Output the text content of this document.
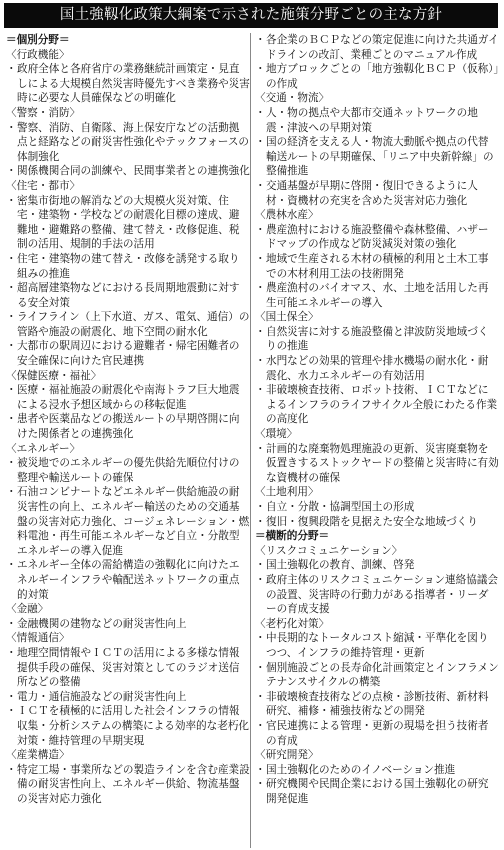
国土強靱化政策大綱案で示された施策分野ごとの主な方針
＝個別分野＝
〈行政機能〉
・ 政府全体と各府省庁の業務継続計画策定・見直しによる大規模自然災害時優先すべき業務や災害時に必要な人員確保などの明確化
〈警察・消防〉
・ 警察、消防、自衛隊、海上保安庁などの活動拠点と経路などの耐災害性強化やテックフォースの体制強化
・ 関係機関合同の訓練や、民間事業者との連携強化
〈住宅・都市〉
・ 密集市街地の解消などの大規模火災対策、住宅・建築物・学校などの耐震化目標の達成、避難地・避難路の整備、建て替え・改修促進、税制の活用、規制的手法の活用
・ 住宅・建築物の建て替え・改修を誘発する取り組みの推進
・ 超高層建築物などにおける長周期地震動に対する安全対策
・ ライフライン（上下水道、ガス、電気、通信）の管路や施設の耐震化、地下空間の耐水化
・ 大都市の駅周辺における避難者・帰宅困難者の安全確保に向けた官民連携
〈保健医療・福祉〉
・ 医療・福祉施設の耐震化や南海トラフ巨大地震による浸水予想区域からの移転促進
・ 患者や医薬品などの搬送ルートの早期啓開に向けた関係者との連携強化
〈エネルギー〉
・ 被災地でのエネルギーの優先供給先順位付けの整理や輸送ルートの確保
・ 石油コンビナートなどエネルギー供給施設の耐災害性の向上、エネルギー輸送のための交通基盤の災害対応力強化、コージェネレーション・燃料電池・再生可能エネルギーなど自立・分散型エネルギーの導入促進
・ エネルギー全体の需給構造の強靱化に向けたエネルギーインフラや輸配送ネットワークの重点的対策
〈金融〉
・ 金融機関の建物などの耐災害性向上
〈情報通信〉
・ 地理空間情報やＩＣＴの活用による多様な情報提供手段の確保、災害対策としてのラジオ送信所などの整備
・ 電力・通信施設などの耐災害性向上
・ ＩＣＴを積極的に活用した社会インフラの情報収集・分析システムの構築による効率的な老朽化対策・維持管理の早期実現
〈産業構造〉
・ 特定工場・事業所などの製造ラインを含む産業設備の耐災害性向上、エネルギー供給、物流基盤の災害対応力強化
・ 各企業のＢＣＰなどの策定促進に向けた共通ガイドラインの改訂、業種ごとのマニュアル作成
・ 地方ブロックごとの「地方強靱化ＢＣＰ（仮称）」の作成
〈交通・物流〉
・ 人・物の拠点や大都市交通ネットワークの地震・津波への早期対策
・ 国の経済を支える人・物流大動脈や拠点の代替輸送ルートの早期確保、「リニア中央新幹線」の整備推進
・ 交通基盤が早期に啓開・復旧できるように人材・資機材の充実を含めた災害対応力強化
〈農林水産〉
・ 農産漁村における施設整備や森林整備、ハザードマップの作成など防災減災対策の強化
・ 地域で生産される木材の積極的利用と土木工事での木材利用工法の技術開発
・ 農産漁村のバイオマス、水、土地を活用した再生可能エネルギーの導入
〈国土保全〉
・ 自然災害に対する施設整備と津波防災地域づくりの推進
・ 水門などの効果的管理や排水機場の耐水化・耐震化、水力エネルギーの有効活用
・ 非破壊検査技術、ロボット技術、ＩＣＴなどによるインフラのライフサイクル全般にわたる作業の高度化
〈環境〉
・ 計画的な廃棄物処理施設の更新、災害廃棄物を仮置きするストックヤードの整備と災害時に有効な資機材の確保
〈土地利用〉
・ 自立・分散・協調型国土の形成
・ 復旧・復興段階を見据えた安全な地域づくり
＝横断的分野＝
〈リスクコミュニケーション〉
・ 国土強靱化の教育、訓練、啓発
・ 政府主体のリスクコミュニケーション連絡協議会の設置、災害時の行動力がある指導者・リーダーの育成支援
〈老朽化対策〉
・ 中長期的なトータルコスト縮減・平準化を図りつつ、インフラの維持管理・更新
・ 個別施設ごとの長寿命化計画策定とインフラメンテナンスサイクルの構築
・ 非破壊検査技術などの点検・診断技術、新材料研究、補修・補強技術などの開発
・ 官民連携による管理・更新の現場を担う技術者の育成
〈研究開発〉
・ 国土強靱化のためのイノベーション推進
・ 研究機関や民間企業における国土強靱化の研究開発促進
